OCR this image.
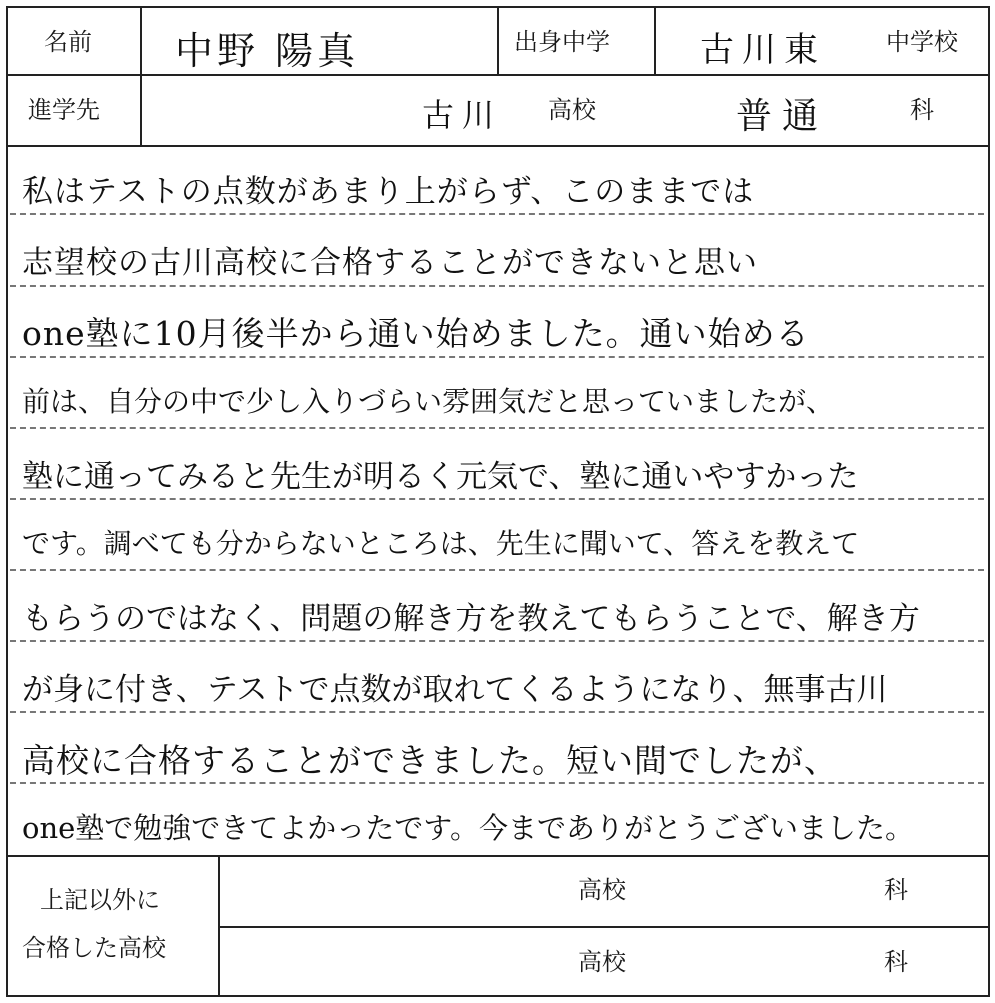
名前 中野 陽真	出身中学	古川東	中学校
進学先	古川 高校	普通	科
私はテストの点数があまり上がらず、このままでは
志望校の古川高校に合格することができないと思い
one塾に10月後半から通い始めました。通い始める
前は、自分の中で少し入りづらい雰囲気だと思っていましたが、
塾に通ってみると先生が明るく元気で、塾に通いやすかった
です。調べても分からないところは、先生に聞いて、答えを教えて
もらうのではなく、問題の解き方を教えてもらうことで、解き方
が身に付き、テストで点数が取れてくるようになり、無事古川
高校に合格することができました。短い間でしたが、
one塾で勉強できてよかったです。今までありがとうございました。
上記以外に
合格した高校
高校	科
高校	科
